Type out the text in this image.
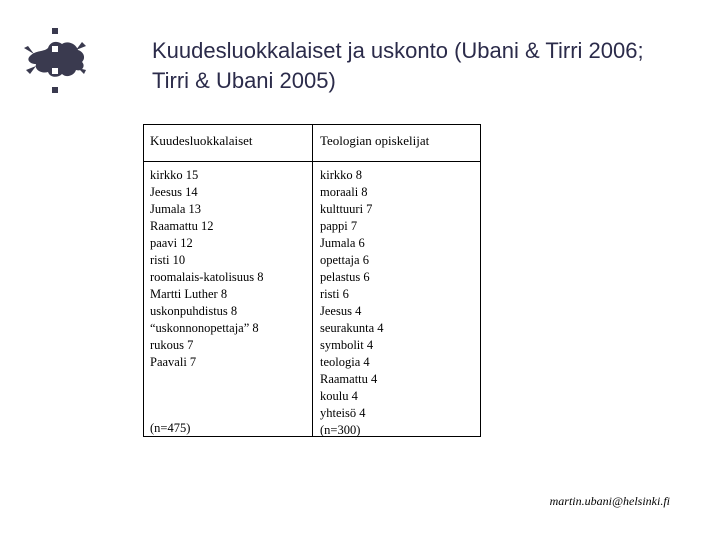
Kuudesluokkalaiset ja uskonto (Ubani & Tirri 2006; Tirri & Ubani 2005)
Kuudesluokkalaiset	Teologian opiskelijat
kirkko 15
Jeesus 14
Jumala 13
Raamattu 12
paavi 12
risti 10
roomalais-katolisuus 8
Martti Luther 8
uskonpuhdistus 8
“uskonnonopettaja” 8
rukous 7
Paavali 7
(n=475)
kirkko 8
moraali 8
kulttuuri 7
pappi 7
Jumala 6
opettaja 6
pelastus 6
risti 6
Jeesus 4
seurakunta 4
symbolit 4
teologia 4
Raamattu 4
koulu 4
yhteisö 4
(n=300)
martin.ubani@helsinki.fi
